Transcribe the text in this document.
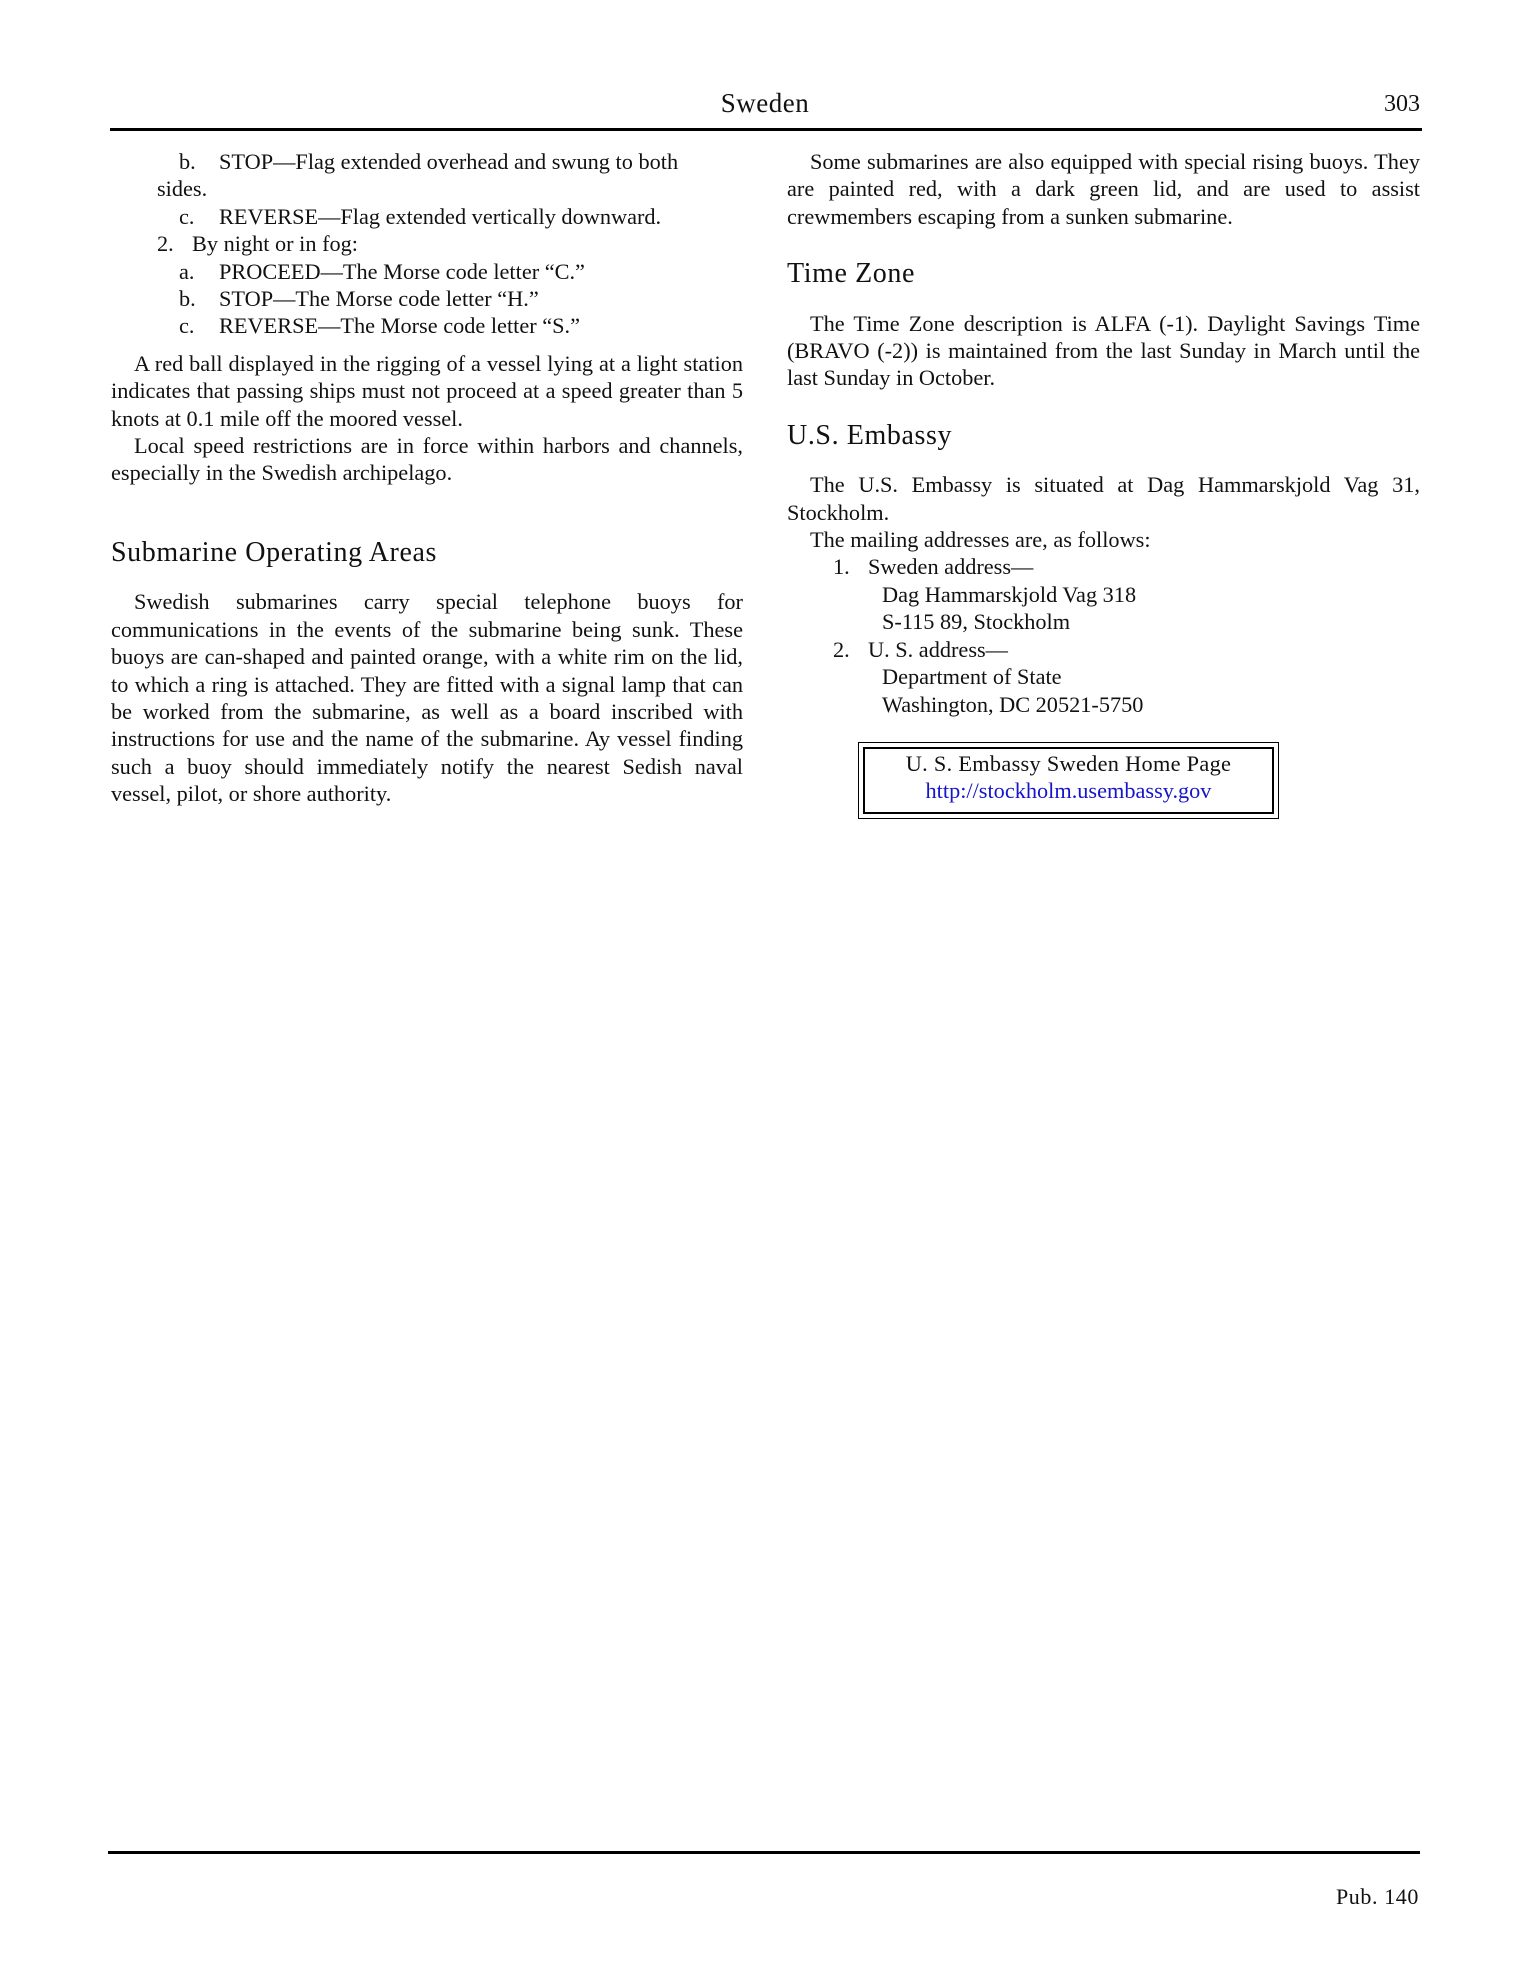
Sweden	303
b. STOP—Flag extended overhead and swung to both
sides.
c. REVERSE—Flag extended vertically downward.
2. By night or in fog:
a. PROCEED—The Morse code letter “C.”
b. STOP—The Morse code letter “H.”
c. REVERSE—The Morse code letter “S.”

A red ball displayed in the rigging of a vessel lying at a light station indicates that passing ships must not proceed at a speed greater than 5 knots at 0.1 mile off the moored vessel.

Local speed restrictions are in force within harbors and channels, especially in the Swedish archipelago.

Submarine Operating Areas

Swedish submarines carry special telephone buoys for communications in the events of the submarine being sunk. These buoys are can-shaped and painted orange, with a white rim on the lid, to which a ring is attached. They are fitted with a signal lamp that can be worked from the submarine, as well as a board inscribed with instructions for use and the name of the submarine. Ay vessel finding such a buoy should immediately notify the nearest Sedish naval vessel, pilot, or shore authority.

Some submarines are also equipped with special rising buoys. They are painted red, with a dark green lid, and are used to assist crewmembers escaping from a sunken submarine.

Time Zone

The Time Zone description is ALFA (-1). Daylight Savings Time (BRAVO (-2)) is maintained from the last Sunday in March until the last Sunday in October.

U.S. Embassy

The U.S. Embassy is situated at Dag Hammarskjold Vag 31, Stockholm.

The mailing addresses are, as follows:

1. Sweden address—
Dag Hammarskjold Vag 318
S-115 89, Stockholm
2. U. S. address—
Department of State
Washington, DC 20521-5750
U. S. Embassy Sweden Home Page
http://stockholm.usembassy.gov
Pub. 140
